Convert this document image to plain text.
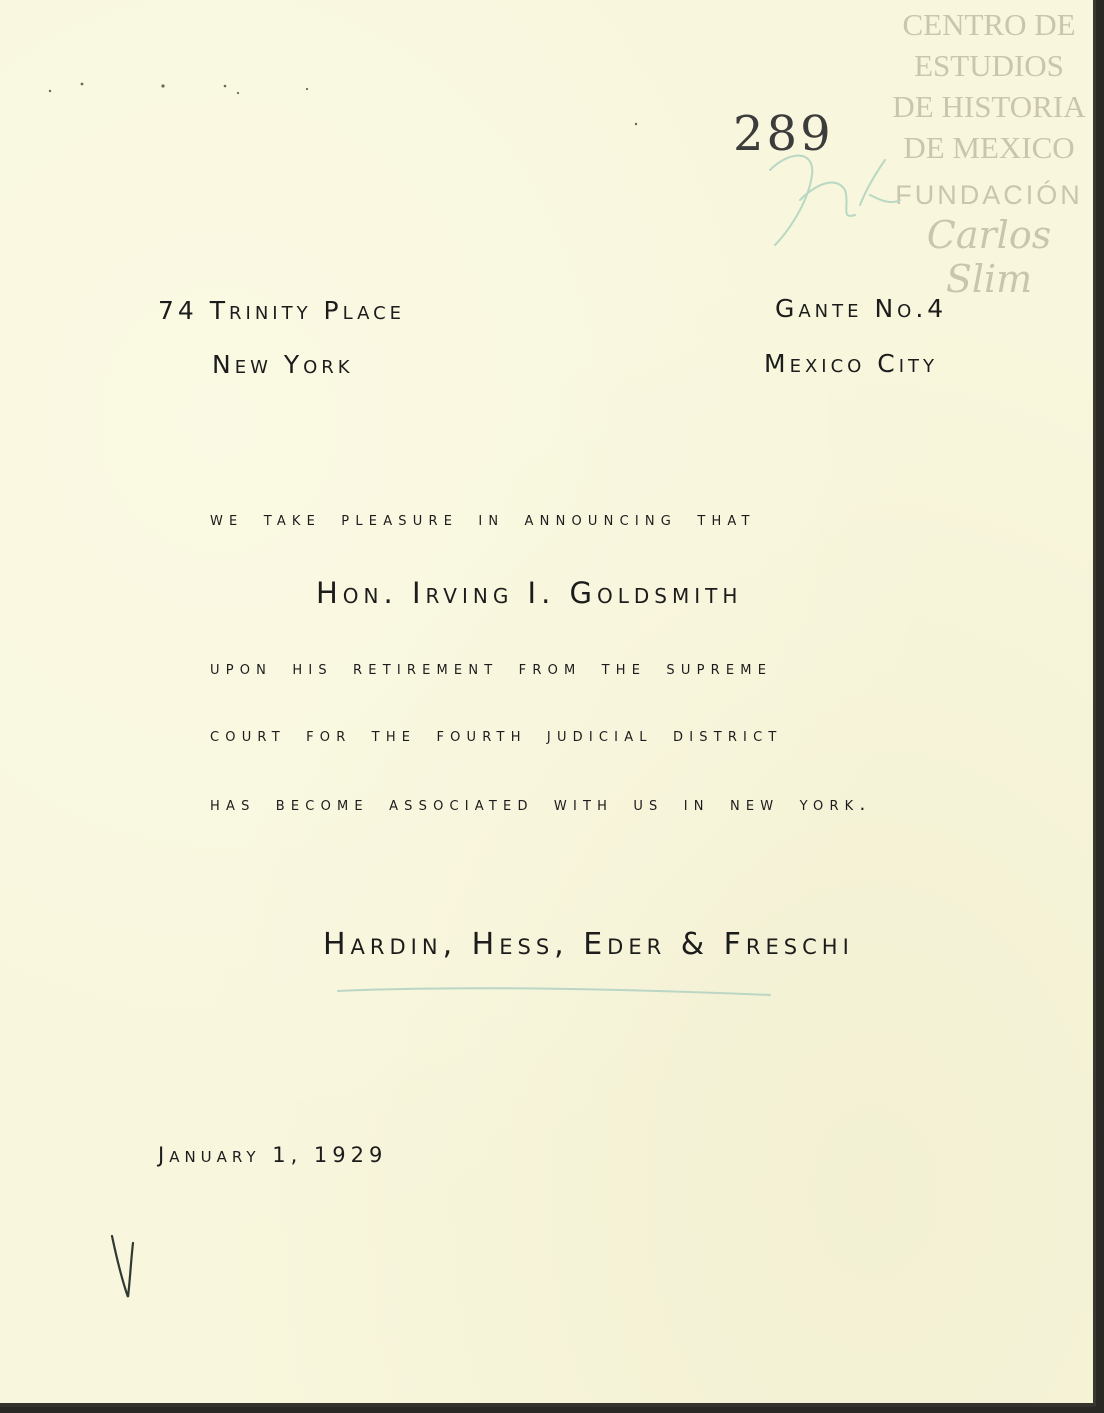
CENTRO DE
ESTUDIOS
DE HISTORIA
DE MEXICO
FUNDACIÓN
Carlos Slim

289

74 Trinity Place

New York

Gante No.4

Mexico City

we take pleasure in announcing that

Hon. Irving I. Goldsmith

upon his retirement from the supreme

court for the fourth judicial district

has become associated with us in new york.

Hardin, Hess, Eder & Freschi

January 1, 1929
